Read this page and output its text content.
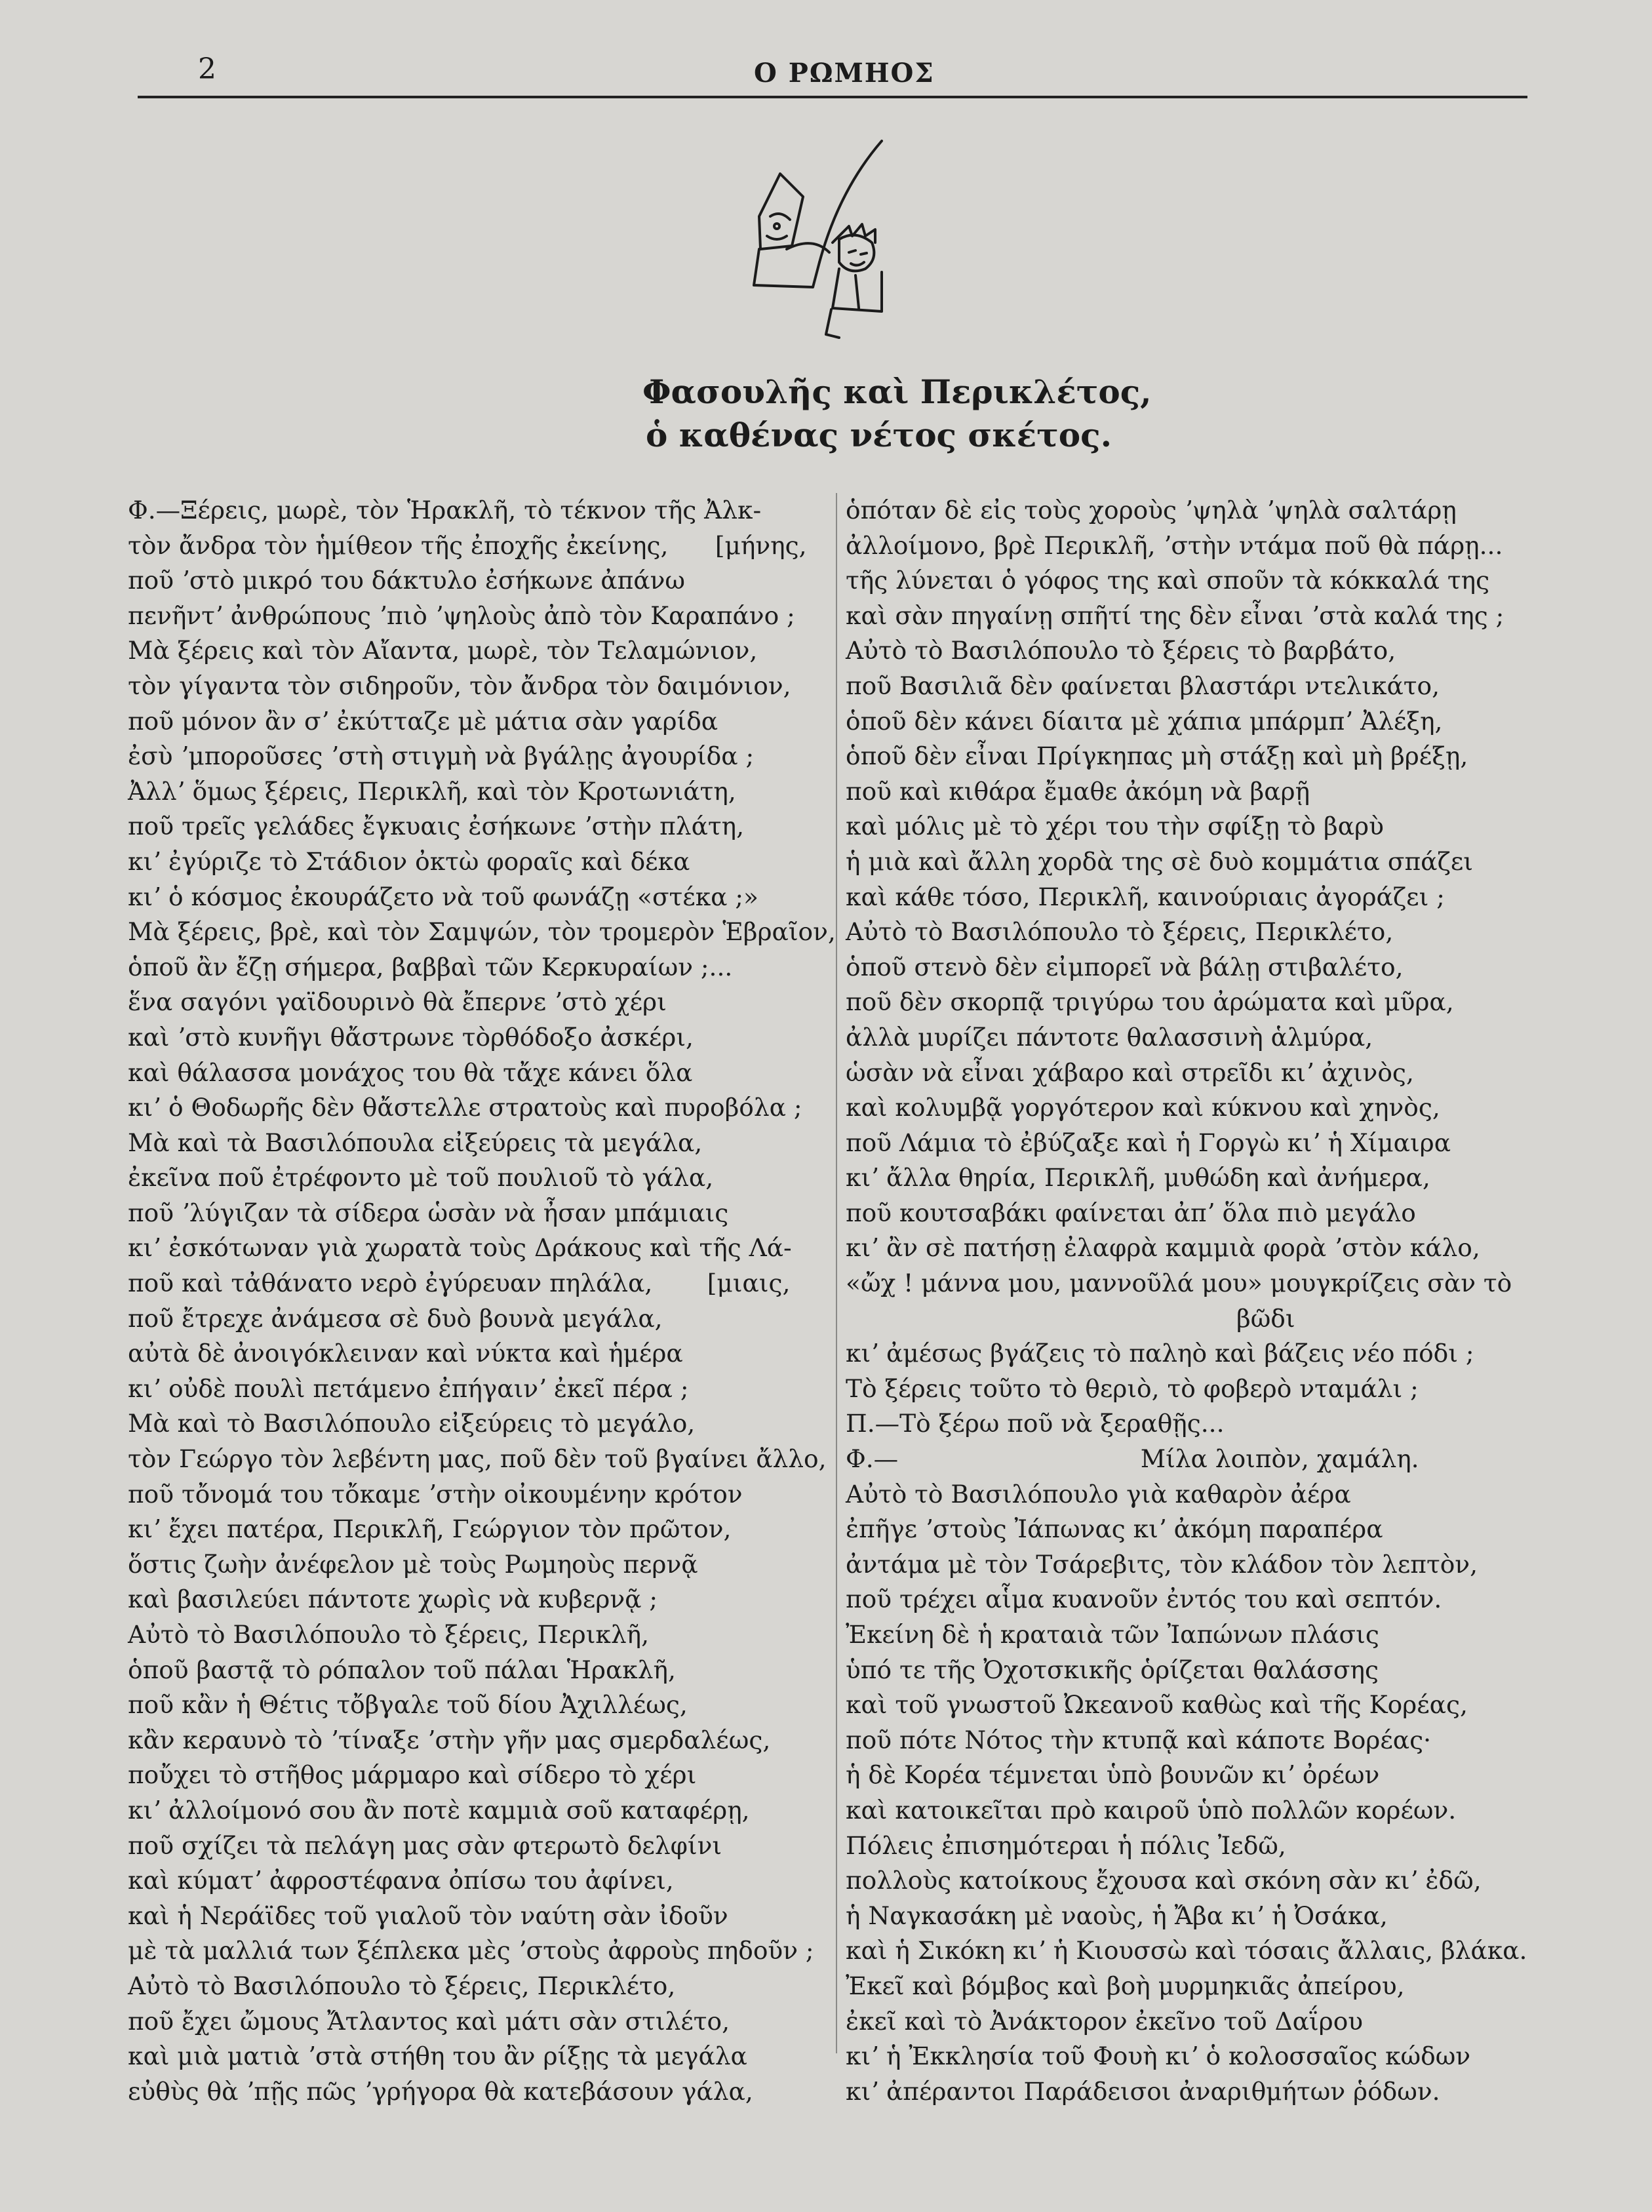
2	Ο ΡΩΜΗΟΣ
Φασουλῆς καὶ Περικλέτος,
ὁ καθένας νέτος σκέτος.
Φ.—Ξέρεις, μωρὲ, τὸν Ἡρακλῆ, τὸ τέκνον τῆς Ἀλκ-
τὸν ἄνδρα τὸν ἡμίθεον τῆς ἐποχῆς ἐκείνης,      [μήνης,
ποῦ ʼστὸ μικρό του δάκτυλο ἐσήκωνε ἀπάνω
πενῆντʼ ἀνθρώπους ʼπιὸ ʼψηλοὺς ἀπὸ τὸν Καραπάνο ;
Μὰ ξέρεις καὶ τὸν Αἴαντα, μωρὲ, τὸν Τελαμώνιον,
τὸν γίγαντα τὸν σιδηροῦν, τὸν ἄνδρα τὸν δαιμόνιον,
ποῦ μόνον ἂν σʼ ἐκύτταζε μὲ μάτια σὰν γαρίδα
ἐσὺ ʼμποροῦσες ʼστὴ στιγμὴ νὰ βγάλῃς ἀγουρίδα ;
Ἀλλʼ ὅμως ξέρεις, Περικλῆ, καὶ τὸν Κροτωνιάτη,
ποῦ τρεῖς γελάδες ἔγκυαις ἐσήκωνε ʼστὴν πλάτη,
κιʼ ἐγύριζε τὸ Στάδιον ὀκτὼ φοραῖς καὶ δέκα
κιʼ ὁ κόσμος ἐκουράζετο νὰ τοῦ φωνάζῃ «στέκα ;»
Μὰ ξέρεις, βρὲ, καὶ τὸν Σαμψών, τὸν τρομερὸν Ἑβραῖον,
ὁποῦ ἂν ἔζῃ σήμερα, βαββαὶ τῶν Κερκυραίων ;...
ἕνα σαγόνι γαϊδουρινὸ θὰ ἔπερνε ʼστὸ χέρι
καὶ ʼστὸ κυνῆγι θἄστρωνε τὸρθόδοξο ἀσκέρι,
καὶ θάλασσα μονάχος του θὰ τἄχε κάνει ὅλα
κιʼ ὁ Θοδωρῆς δὲν θἄστελλε στρατοὺς καὶ πυροβόλα ;
Μὰ καὶ τὰ Βασιλόπουλα εἰξεύρεις τὰ μεγάλα,
ἐκεῖνα ποῦ ἐτρέφοντο μὲ τοῦ πουλιοῦ τὸ γάλα,
ποῦ ʼλύγιζαν τὰ σίδερα ὡσὰν νὰ ἦσαν μπάμιαις
κιʼ ἐσκότωναν γιὰ χωρατὰ τοὺς Δράκους καὶ τῆς Λά-
ποῦ καὶ τἀθάνατο νερὸ ἐγύρευαν πηλάλα,       [μιαις,
ποῦ ἔτρεχε ἀνάμεσα σὲ δυὸ βουνὰ μεγάλα,
αὐτὰ δὲ ἀνοιγόκλειναν καὶ νύκτα καὶ ἡμέρα
κιʼ οὐδὲ πουλὶ πετάμενο ἐπήγαινʼ ἐκεῖ πέρα ;
Μὰ καὶ τὸ Βασιλόπουλο εἰξεύρεις τὸ μεγάλο,
τὸν Γεώργο τὸν λεβέντη μας, ποῦ δὲν τοῦ βγαίνει ἄλλο,
ποῦ τὄνομά του τὄκαμε ʼστὴν οἰκουμένην κρότον
κιʼ ἔχει πατέρα, Περικλῆ, Γεώργιον τὸν πρῶτον,
ὅστις ζωὴν ἀνέφελον μὲ τοὺς Ρωμηοὺς περνᾷ
καὶ βασιλεύει πάντοτε χωρὶς νὰ κυβερνᾷ ;
Αὐτὸ τὸ Βασιλόπουλο τὸ ξέρεις, Περικλῆ,
ὁποῦ βαστᾷ τὸ ρόπαλον τοῦ πάλαι Ἡρακλῆ,
ποῦ κἂν ἡ Θέτις τὄβγαλε τοῦ δίου Ἀχιλλέως,
κἂν κεραυνὸ τὸ ʼτίναξε ʼστὴν γῆν μας σμερδαλέως,
ποὔχει τὸ στῆθος μάρμαρο καὶ σίδερο τὸ χέρι
κιʼ ἀλλοίμονό σου ἂν ποτὲ καμμιὰ σοῦ καταφέρῃ,
ποῦ σχίζει τὰ πελάγη μας σὰν φτερωτὸ δελφίνι
καὶ κύματʼ ἀφροστέφανα ὀπίσω του ἀφίνει,
καὶ ἡ Νεράϊδες τοῦ γιαλοῦ τὸν ναύτη σὰν ἰδοῦν
μὲ τὰ μαλλιά των ξέπλεκα μὲς ʼστοὺς ἀφροὺς πηδοῦν ;
Αὐτὸ τὸ Βασιλόπουλο τὸ ξέρεις, Περικλέτο,
ποῦ ἔχει ὤμους Ἄτλαντος καὶ μάτι σὰν στιλέτο,
καὶ μιὰ ματιὰ ʼστὰ στήθη του ἂν ρίξῃς τὰ μεγάλα
εὐθὺς θὰ ʼπῇς πῶς ʼγρήγορα θὰ κατεβάσουν γάλα,
ὁπόταν δὲ εἰς τοὺς χοροὺς ʼψηλὰ ʼψηλὰ σαλτάρῃ
ἀλλοίμονο, βρὲ Περικλῆ, ʼστὴν ντάμα ποῦ θὰ πάρῃ...
τῆς λύνεται ὁ γόφος της καὶ σποῦν τὰ κόκκαλά της
καὶ σὰν πηγαίνῃ σπῆτί της δὲν εἶναι ʼστὰ καλά της ;
Αὐτὸ τὸ Βασιλόπουλο τὸ ξέρεις τὸ βαρβάτο,
ποῦ Βασιλιᾶ δὲν φαίνεται βλαστάρι ντελικάτο,
ὁποῦ δὲν κάνει δίαιτα μὲ χάπια μπάρμπʼ Ἀλέξη,
ὁποῦ δὲν εἶναι Πρίγκηπας μὴ στάξῃ καὶ μὴ βρέξῃ,
ποῦ καὶ κιθάρα ἔμαθε ἀκόμη νὰ βαρῇ
καὶ μόλις μὲ τὸ χέρι του τὴν σφίξῃ τὸ βαρὺ
ἡ μιὰ καὶ ἄλλη χορδὰ της σὲ δυὸ κομμάτια σπάζει
καὶ κάθε τόσο, Περικλῆ, καινούριαις ἀγοράζει ;
Αὐτὸ τὸ Βασιλόπουλο τὸ ξέρεις, Περικλέτο,
ὁποῦ στενὸ δὲν εἰμπορεῖ νὰ βάλῃ στιβαλέτο,
ποῦ δὲν σκορπᾷ τριγύρω του ἀρώματα καὶ μῦρα,
ἀλλὰ μυρίζει πάντοτε θαλασσινὴ ἁλμύρα,
ὡσὰν νὰ εἶναι χάβαρο καὶ στρεῖδι κιʼ ἀχινὸς,
καὶ κολυμβᾷ γοργότερον καὶ κύκνου καὶ χηνὸς,
ποῦ Λάμια τὸ ἐβύζαξε καὶ ἡ Γοργὼ κιʼ ἡ Χίμαιρα
κιʼ ἄλλα θηρία, Περικλῆ, μυθώδη καὶ ἀνήμερα,
ποῦ κουτσαβάκι φαίνεται ἀπʼ ὅλα πιὸ μεγάλο
κιʼ ἂν σὲ πατήσῃ ἐλαφρὰ καμμιὰ φορὰ ʼστὸν κάλο,
«ὤχ ! μάννα μου, μαννοῦλά μου» μουγκρίζεις σὰν τὸ
βῶδι
κιʼ ἀμέσως βγάζεις τὸ παληὸ καὶ βάζεις νέο πόδι ;
Τὸ ξέρεις τοῦτο τὸ θεριὸ, τὸ φοβερὸ νταμάλι ;
Π.—Τὸ ξέρω ποῦ νὰ ξεραθῇς...
Φ.—                               Μίλα λοιπὸν, χαμάλη.
Αὐτὸ τὸ Βασιλόπουλο γιὰ καθαρὸν ἀέρα
ἐπῆγε ʼστοὺς Ἰάπωνας κιʼ ἀκόμη παραπέρα
ἀντάμα μὲ τὸν Τσάρεβιτς, τὸν κλάδον τὸν λεπτὸν,
ποῦ τρέχει αἷμα κυανοῦν ἐντός του καὶ σεπτόν.
Ἐκείνη δὲ ἡ κραταιὰ τῶν Ἰαπώνων πλάσις
ὑπό τε τῆς Ὀχοτσκικῆς ὁρίζεται θαλάσσης
καὶ τοῦ γνωστοῦ Ὠκεανοῦ καθὼς καὶ τῆς Κορέας,
ποῦ πότε Νότος τὴν κτυπᾷ καὶ κάποτε Βορέας·
ἡ δὲ Κορέα τέμνεται ὑπὸ βουνῶν κιʼ ὀρέων
καὶ κατοικεῖται πρὸ καιροῦ ὑπὸ πολλῶν κορέων.
Πόλεις ἐπισημότεραι ἡ πόλις Ἰεδῶ,
πολλοὺς κατοίκους ἔχουσα καὶ σκόνη σὰν κιʼ ἐδῶ,
ἡ Ναγκασάκη μὲ ναοὺς, ἡ Ἄβα κιʼ ἡ Ὀσάκα,
καὶ ἡ Σικόκη κιʼ ἡ Κιουσσὼ καὶ τόσαις ἄλλαις, βλάκα.
Ἐκεῖ καὶ βόμβος καὶ βοὴ μυρμηκιᾶς ἀπείρου,
ἐκεῖ καὶ τὸ Ἀνάκτορον ἐκεῖνο τοῦ Δαΐρου
κιʼ ἡ Ἐκκλησία τοῦ Φουὴ κιʼ ὁ κολοσσαῖος κώδων
κιʼ ἀπέραντοι Παράδεισοι ἀναριθμήτων ῥόδων.
